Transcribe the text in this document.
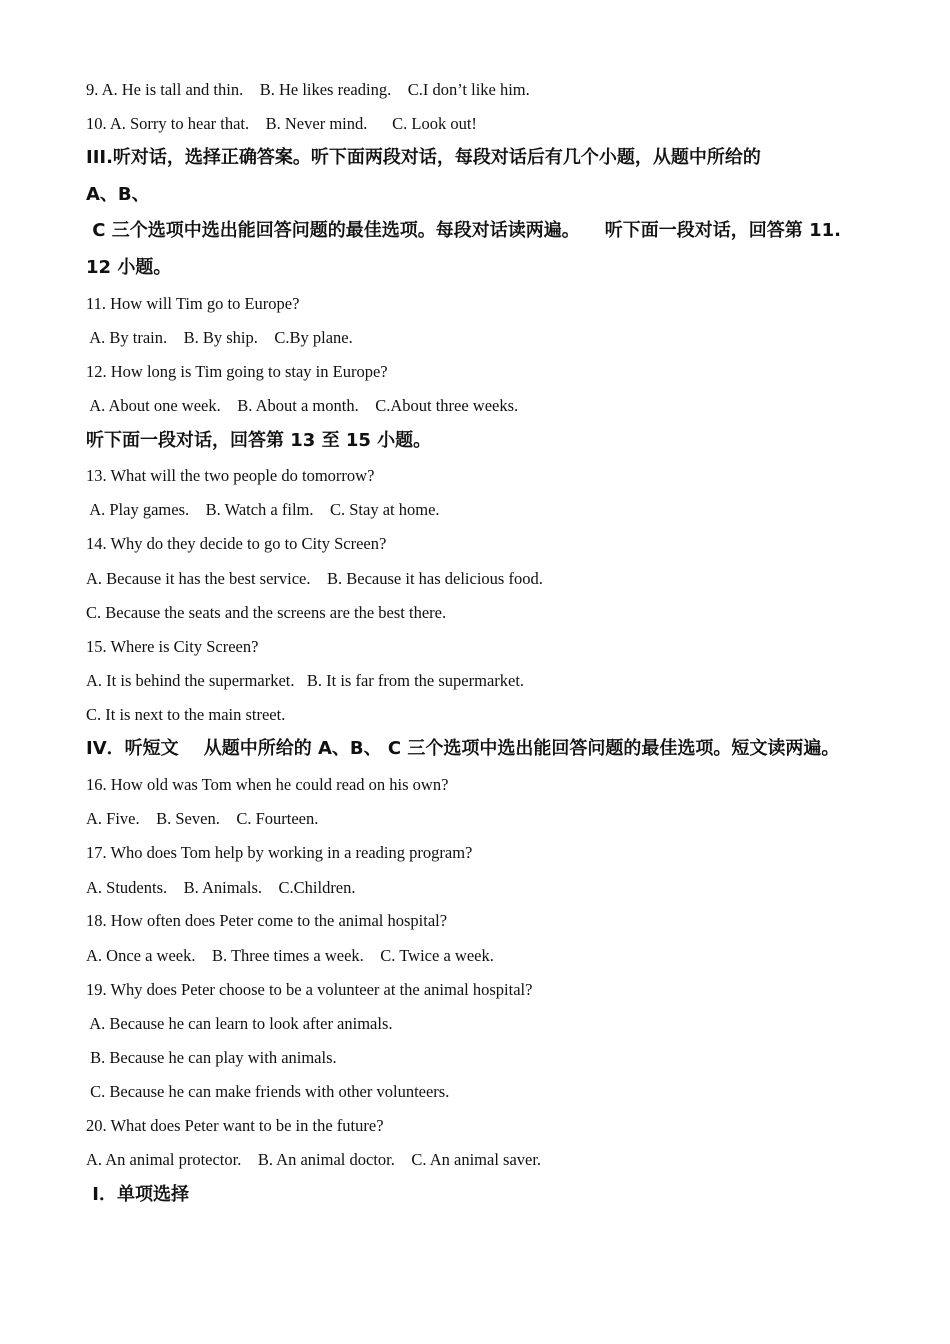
9. A. He is tall and thin.    B. He likes reading.    C.I don’t like him.
10. A. Sorry to hear that.    B. Never mind.      C. Look out!
III.听对话，选择正确答案。听下面两段对话，每段对话后有几个小题，从题中所给的
A、B、
C 三个选项中选出能回答问题的最佳选项。每段对话读两遍。    听下面一段对话，回答第 11.
12 小题。
11. How will Tim go to Europe?
A. By train.    B. By ship.    C.By plane.
12. How long is Tim going to stay in Europe?
A. About one week.    B. About a month.    C.About three weeks.
听下面一段对话，回答第 13 至 15 小题。
13. What will the two people do tomorrow?
A. Play games.    B. Watch a film.    C. Stay at home.
14. Why do they decide to go to City Screen?
A. Because it has the best service.    B. Because it has delicious food.
C. Because the seats and the screens are the best there.
15. Where is City Screen?
A. It is behind the supermarket.   B. It is far from the supermarket.
C. It is next to the main street.
IV．听短文    从题中所给的 A、B、 C 三个选项中选出能回答问题的最佳选项。短文读两遍。
16. How old was Tom when he could read on his own?
A. Five.    B. Seven.    C. Fourteen.
17. Who does Tom help by working in a reading program?
A. Students.    B. Animals.    C.Children.
18. How often does Peter come to the animal hospital?
A. Once a week.    B. Three times a week.    C. Twice a week.
19. Why does Peter choose to be a volunteer at the animal hospital?
A. Because he can learn to look after animals.
B. Because he can play with animals.
C. Because he can make friends with other volunteers.
20. What does Peter want to be in the future?
A. An animal protector.    B. An animal doctor.    C. An animal saver.
I．单项选择
